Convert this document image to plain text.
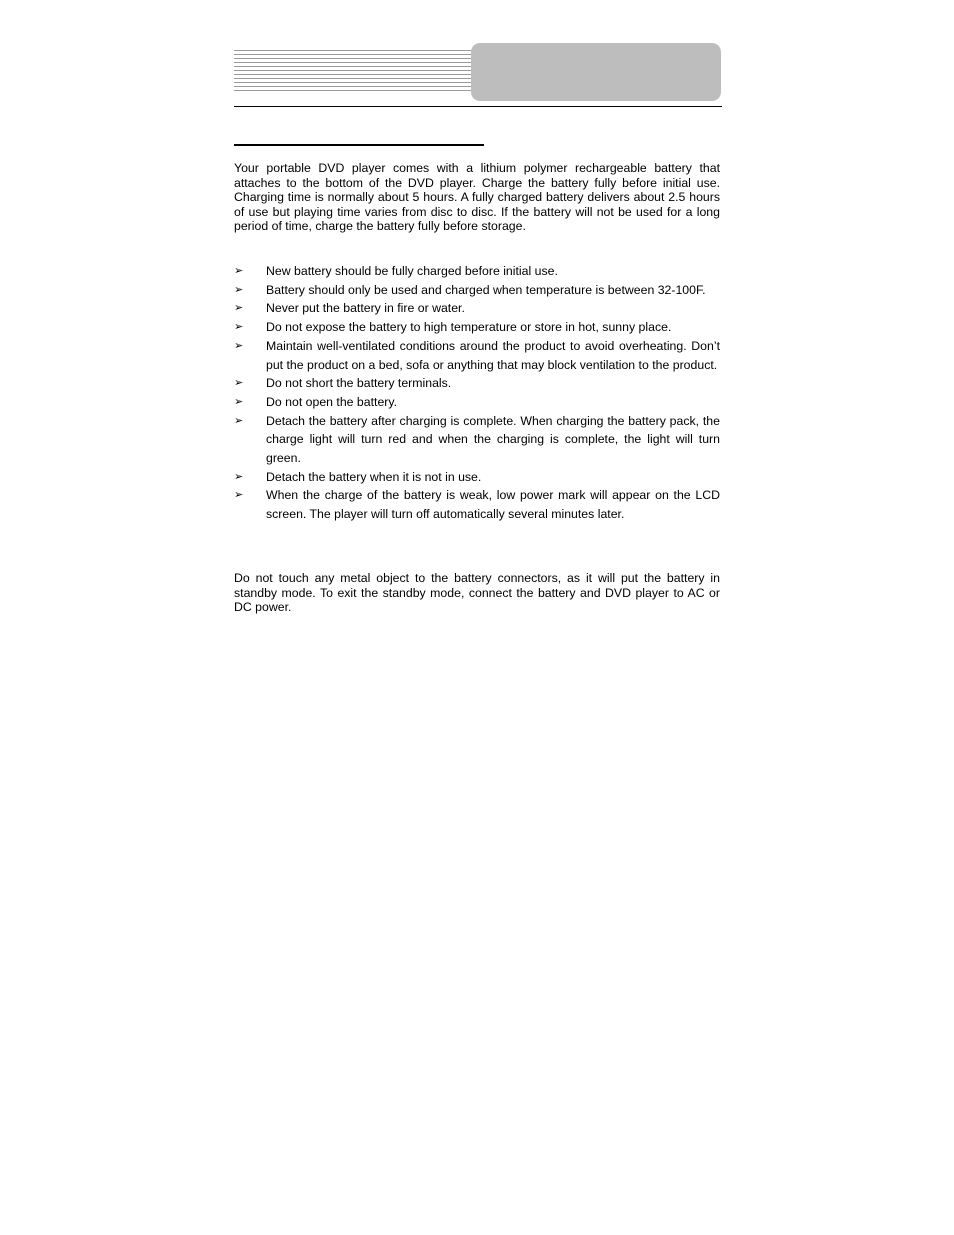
Your portable DVD player comes with a lithium polymer rechargeable battery that attaches to the bottom of the DVD player. Charge the battery fully before initial use. Charging time is normally about 5 hours. A fully charged battery delivers about 2.5 hours of use but playing time varies from disc to disc. If the battery will not be used for a long period of time, charge the battery fully before storage.

➢ New battery should be fully charged before initial use.
➢ Battery should only be used and charged when temperature is between 32-100F.
➢ Never put the battery in fire or water.
➢ Do not expose the battery to high temperature or store in hot, sunny place.
➢ Maintain well-ventilated conditions around the product to avoid overheating. Don’t put the product on a bed, sofa or anything that may block ventilation to the product.
➢ Do not short the battery terminals.
➢ Do not open the battery.
➢ Detach the battery after charging is complete. When charging the battery pack, the charge light will turn red and when the charging is complete, the light will turn green.
➢ Detach the battery when it is not in use.
➢ When the charge of the battery is weak, low power mark will appear on the LCD screen. The player will turn off automatically several minutes later.

Do not touch any metal object to the battery connectors, as it will put the battery in standby mode. To exit the standby mode, connect the battery and DVD player to AC or DC power.
